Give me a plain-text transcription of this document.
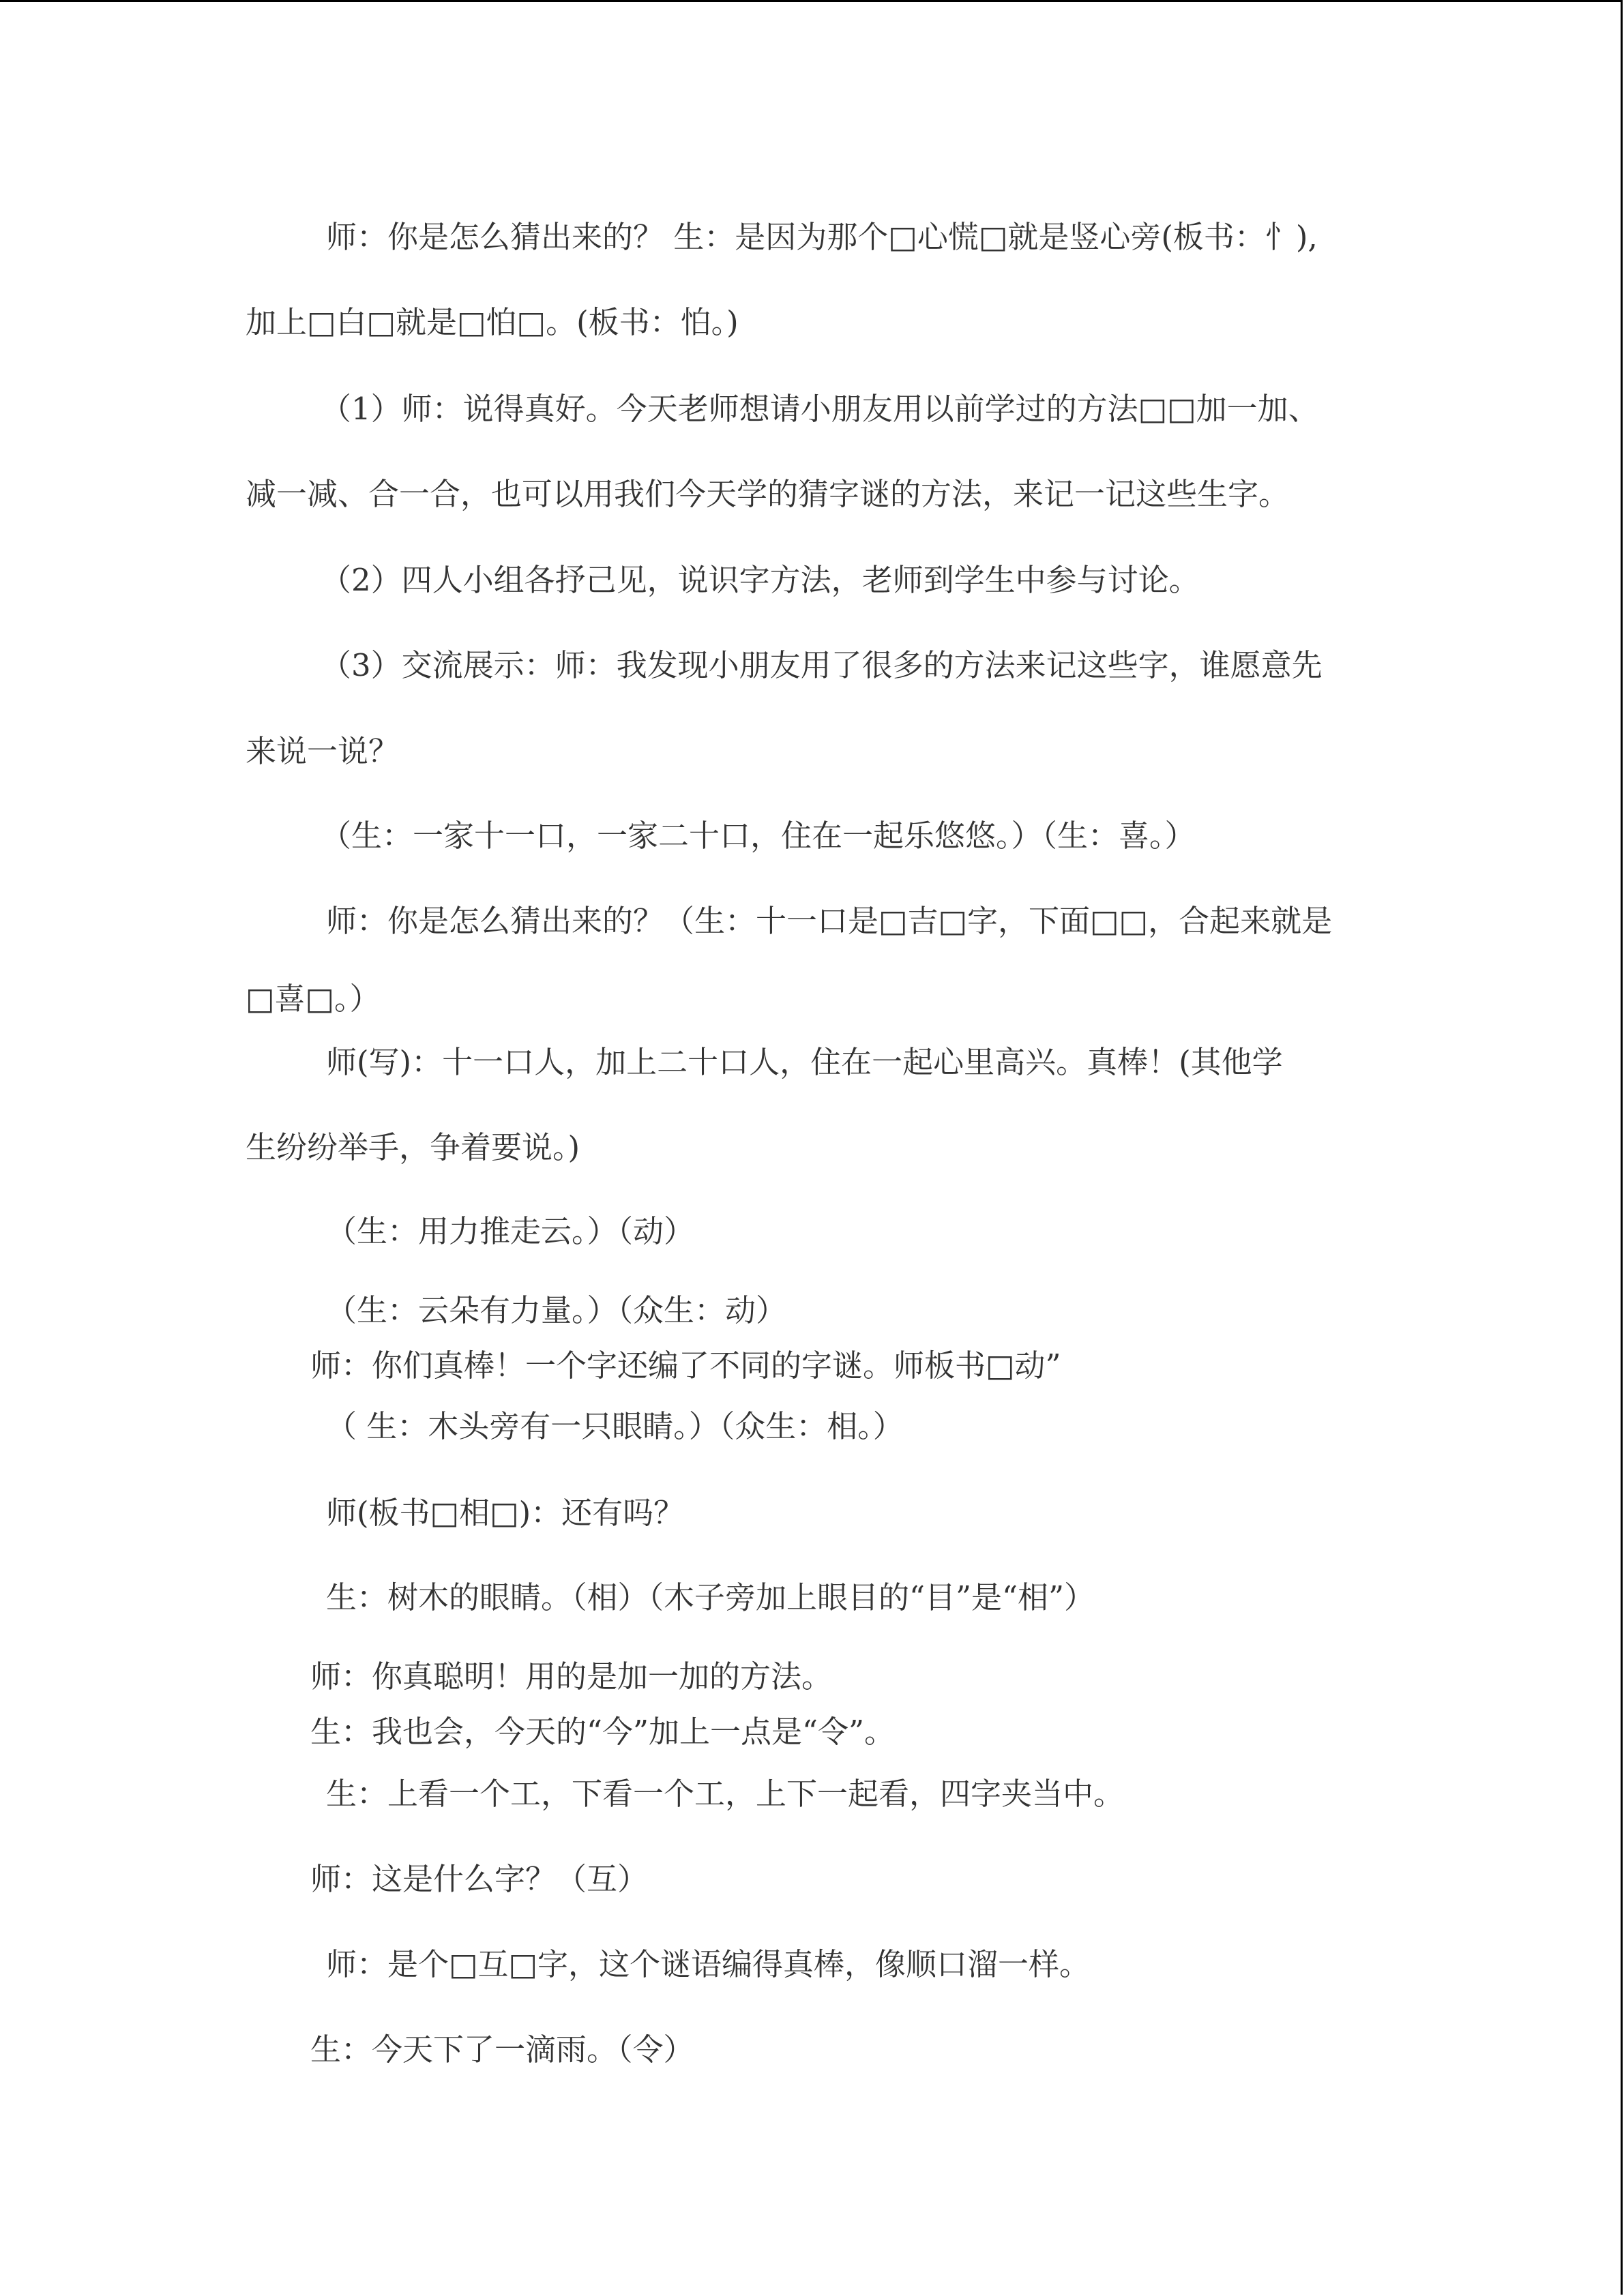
师：你是怎么猜出来的？ 生：是因为那个□心慌□就是竖心旁(板书：忄),
加上□白□就是□怕□。(板书：怕。)
（1）师：说得真好。今天老师想请小朋友用以前学过的方法□□加一加、
减一减、合一合，也可以用我们今天学的猜字谜的方法，来记一记这些生字。
（2）四人小组各抒己见，说识字方法，老师到学生中参与讨论。
（3）交流展示：师：我发现小朋友用了很多的方法来记这些字，谁愿意先
来说一说？
（生：一家十一口，一家二十口，住在一起乐悠悠。）（生：喜。）
师：你是怎么猜出来的？（生：十一口是□吉□字，下面□□，合起来就是
□喜□。）
师(写)：十一口人，加上二十口人，住在一起心里高兴。真棒！(其他学
生纷纷举手，争着要说。)
（生：用力推走云。）（动）
（生：云朵有力量。）（众生：动）
师：你们真棒！一个字还编了不同的字谜。师板书□动”
（ 生：木头旁有一只眼睛。）（众生：相。）
师(板书□相□)：还有吗？
生：树木的眼睛。（相）（木子旁加上眼目的“目”是“相”）
师：你真聪明！用的是加一加的方法。
生：我也会，今天的“今”加上一点是“令”。
生：上看一个工，下看一个工，上下一起看，四字夹当中。
师：这是什么字？（互）
师：是个□互□字，这个谜语编得真棒，像顺口溜一样。
生：今天下了一滴雨。（令）
